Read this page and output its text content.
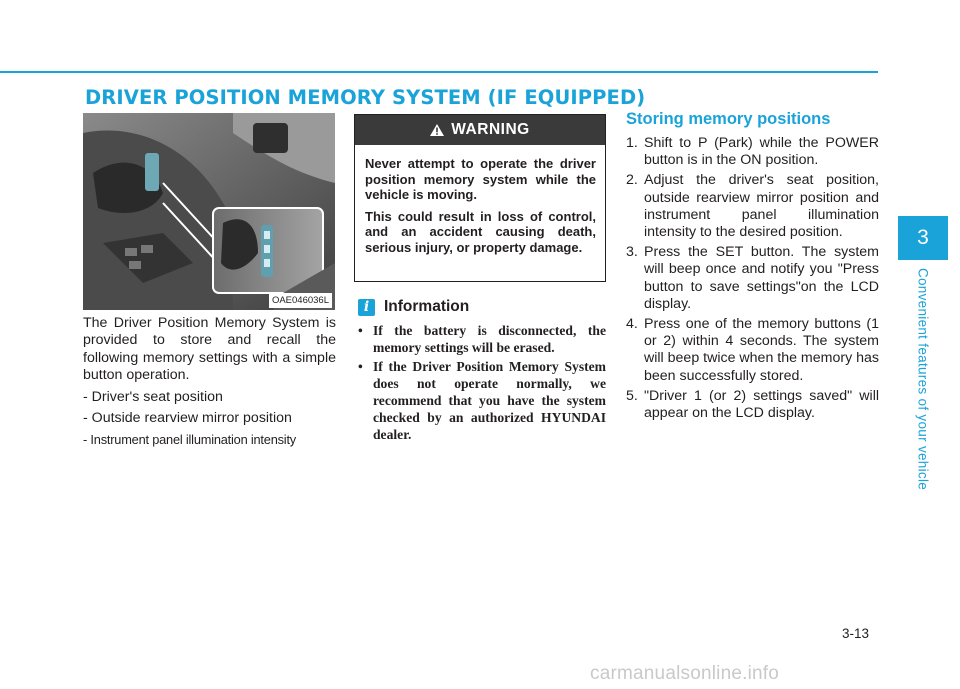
DRIVER POSITION MEMORY SYSTEM (IF EQUIPPED)
3
Convenient features of your vehicle
OAE046036L

The Driver Position Memory System is provided to store and recall the following memory settings with a simple button operation.

- Driver's seat position
- Outside rearview mirror position
- Instrument panel illumination intensity
WARNING

Never attempt to operate the driver position memory system while the vehicle is moving.

This could result in loss of control, and an accident causing death, serious injury, or property damage.

i Information
• If the battery is disconnected, the memory settings will be erased.
• If the Driver Position Memory System does not operate normally, we recommend that you have the system checked by an authorized HYUNDAI dealer.
Storing memory positions
1. Shift to P (Park) while the POWER button is in the ON position.
2. Adjust the driver's seat position, outside rearview mirror position and instrument panel illumination intensity to the desired position.
3. Press the SET button. The system will beep once and notify you "Press button to save settings"on the LCD display.
4. Press one of the memory buttons (1 or 2) within 4 seconds. The system will beep twice when the memory has been successfully stored.
5. "Driver 1 (or 2) settings saved" will appear on the LCD display.
3-13
carmanualsonline.info
